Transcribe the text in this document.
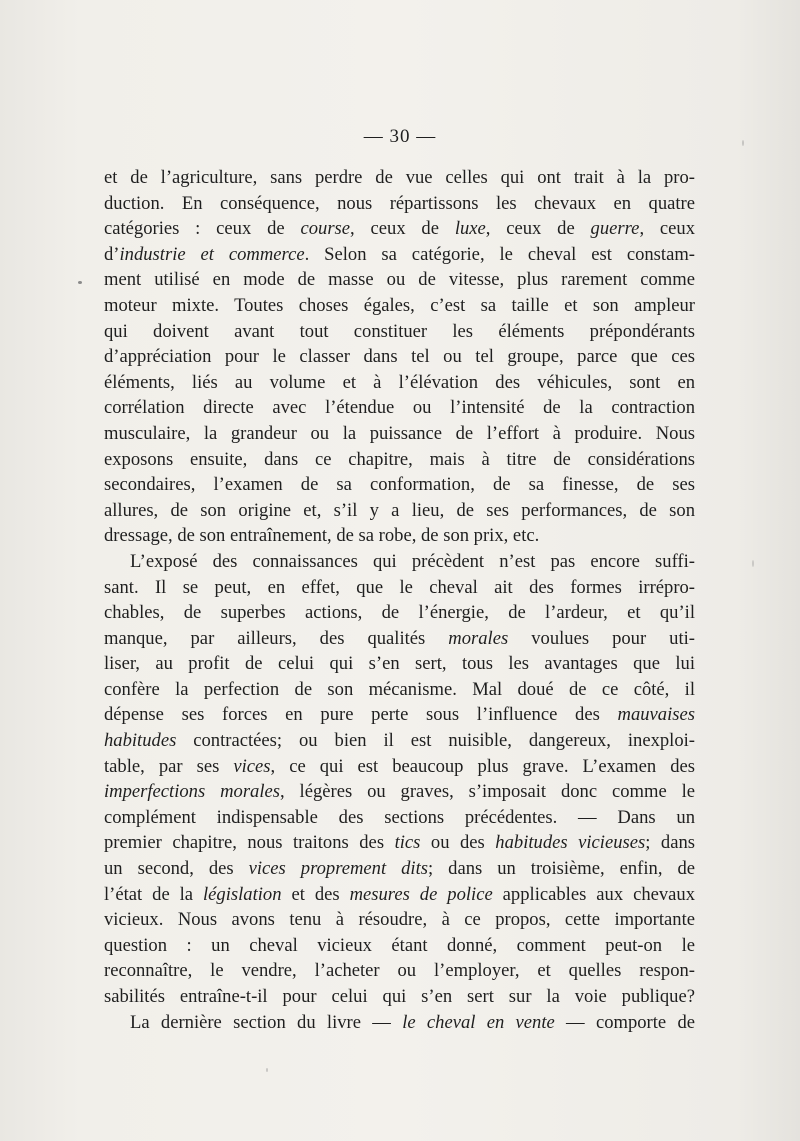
— 30 —
et de l’agriculture, sans perdre de vue celles qui ont trait à la pro-
duction. En conséquence, nous répartissons les chevaux en quatre
catégories : ceux de course, ceux de luxe, ceux de guerre, ceux
d’industrie et commerce. Selon sa catégorie, le cheval est constam-
ment utilisé en mode de masse ou de vitesse, plus rarement comme
moteur mixte. Toutes choses égales, c’est sa taille et son ampleur
qui doivent avant tout constituer les éléments prépondérants
d’appréciation pour le classer dans tel ou tel groupe, parce que ces
éléments, liés au volume et à l’élévation des véhicules, sont en
corrélation directe avec l’étendue ou l’intensité de la contraction
musculaire, la grandeur ou la puissance de l’effort à produire. Nous
exposons ensuite, dans ce chapitre, mais à titre de considérations
secondaires, l’examen de sa conformation, de sa finesse, de ses
allures, de son origine et, s’il y a lieu, de ses performances, de son
dressage, de son entraînement, de sa robe, de son prix, etc.
L’exposé des connaissances qui précèdent n’est pas encore suffi-
sant. Il se peut, en effet, que le cheval ait des formes irrépro-
chables, de superbes actions, de l’énergie, de l’ardeur, et qu’il
manque, par ailleurs, des qualités morales voulues pour uti-
liser, au profit de celui qui s’en sert, tous les avantages que lui
confère la perfection de son mécanisme. Mal doué de ce côté, il
dépense ses forces en pure perte sous l’influence des mauvaises
habitudes contractées; ou bien il est nuisible, dangereux, inexploi-
table, par ses vices, ce qui est beaucoup plus grave. L’examen des
imperfections morales, légères ou graves, s’imposait donc comme le
complément indispensable des sections précédentes. — Dans un
premier chapitre, nous traitons des tics ou des habitudes vicieuses; dans
un second, des vices proprement dits; dans un troisième, enfin, de
l’état de la législation et des mesures de police applicables aux chevaux
vicieux. Nous avons tenu à résoudre, à ce propos, cette importante
question : un cheval vicieux étant donné, comment peut-on le
reconnaître, le vendre, l’acheter ou l’employer, et quelles respon-
sabilités entraîne-t-il pour celui qui s’en sert sur la voie publique?
La dernière section du livre — le cheval en vente — comporte de
